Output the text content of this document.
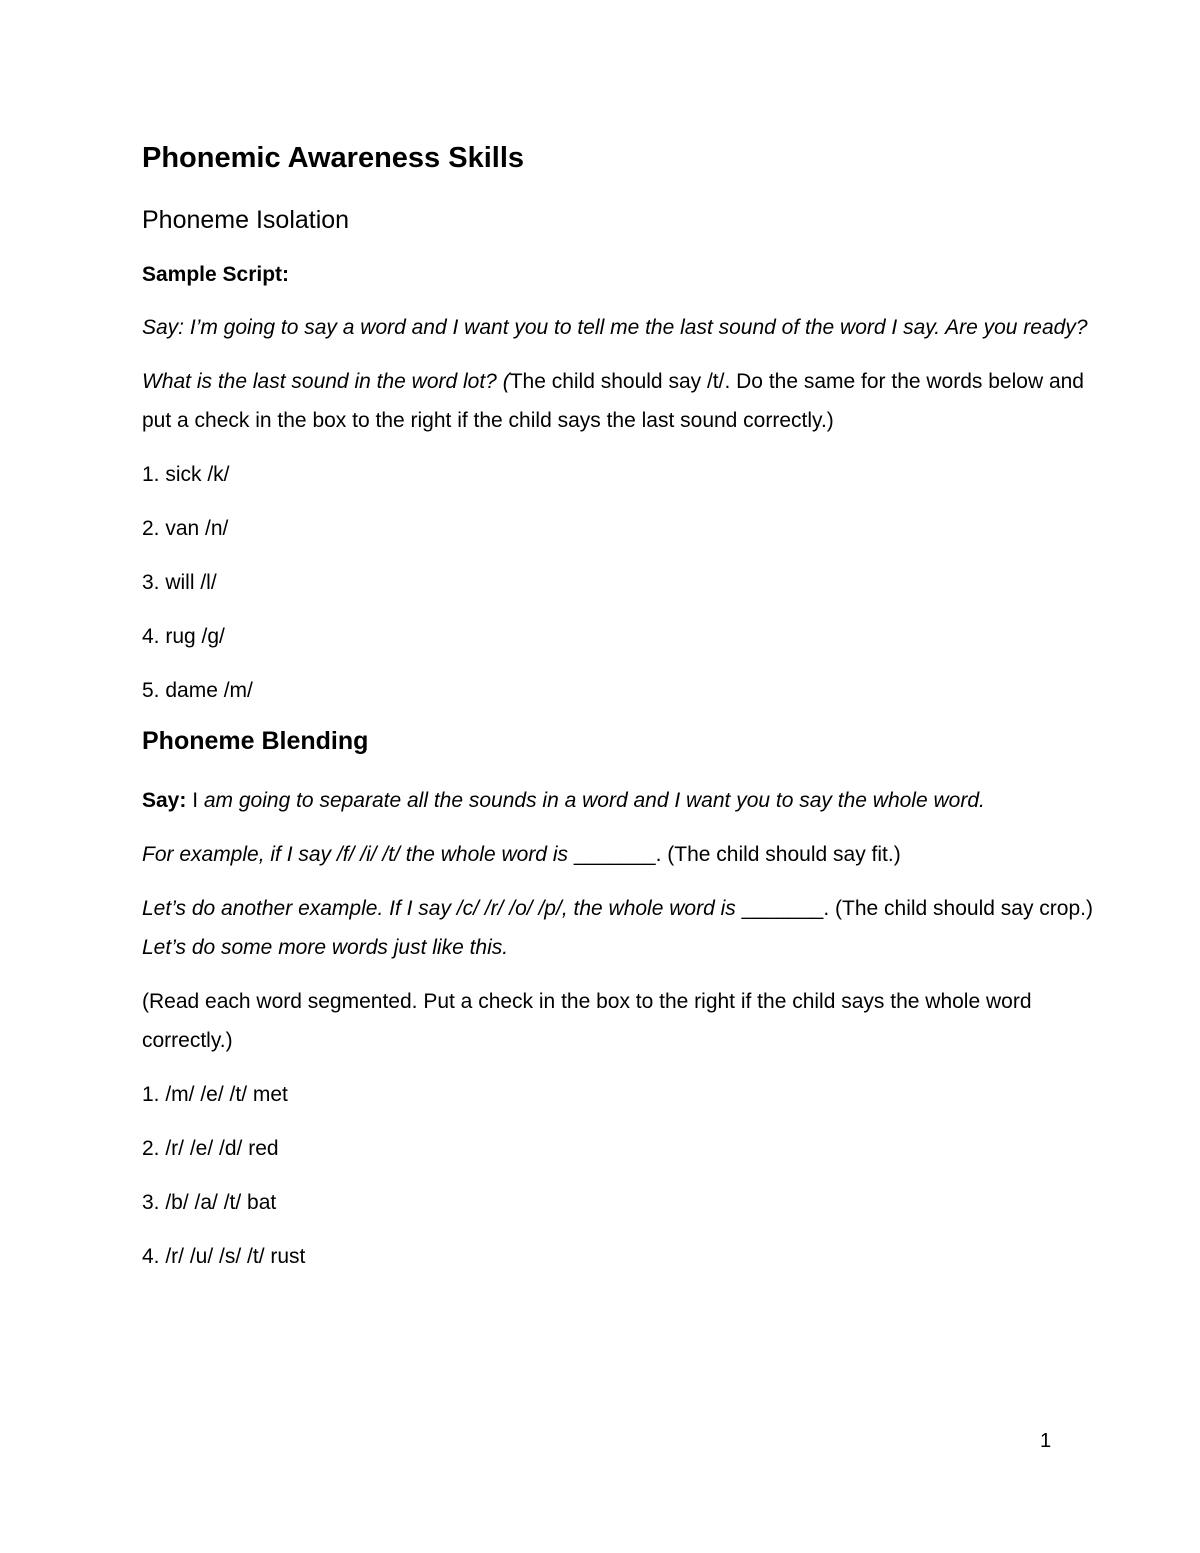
Phonemic Awareness Skills
Phoneme Isolation
Sample Script:

Say: I’m going to say a word and I want you to tell me the last sound of the word I say. Are you ready?

What is the last sound in the word lot? (The child should say /t/. Do the same for the words below and put a check in the box to the right if the child says the last sound correctly.)

1. sick /k/
2. van /n/
3. will /l/
4. rug /g/
5. dame /m/
Phoneme Blending

Say: I am going to separate all the sounds in a word and I want you to say the whole word.

For example, if I say /f/ /i/ /t/ the whole word is _______. (The child should say fit.)

Let’s do another example. If I say /c/ /r/ /o/ /p/, the whole word is _______. (The child should say crop.) Let’s do some more words just like this.

(Read each word segmented. Put a check in the box to the right if the child says the whole word correctly.)

1. /m/ /e/ /t/ met
2. /r/ /e/ /d/ red
3. /b/ /a/ /t/ bat
4. /r/ /u/ /s/ /t/ rust
1
